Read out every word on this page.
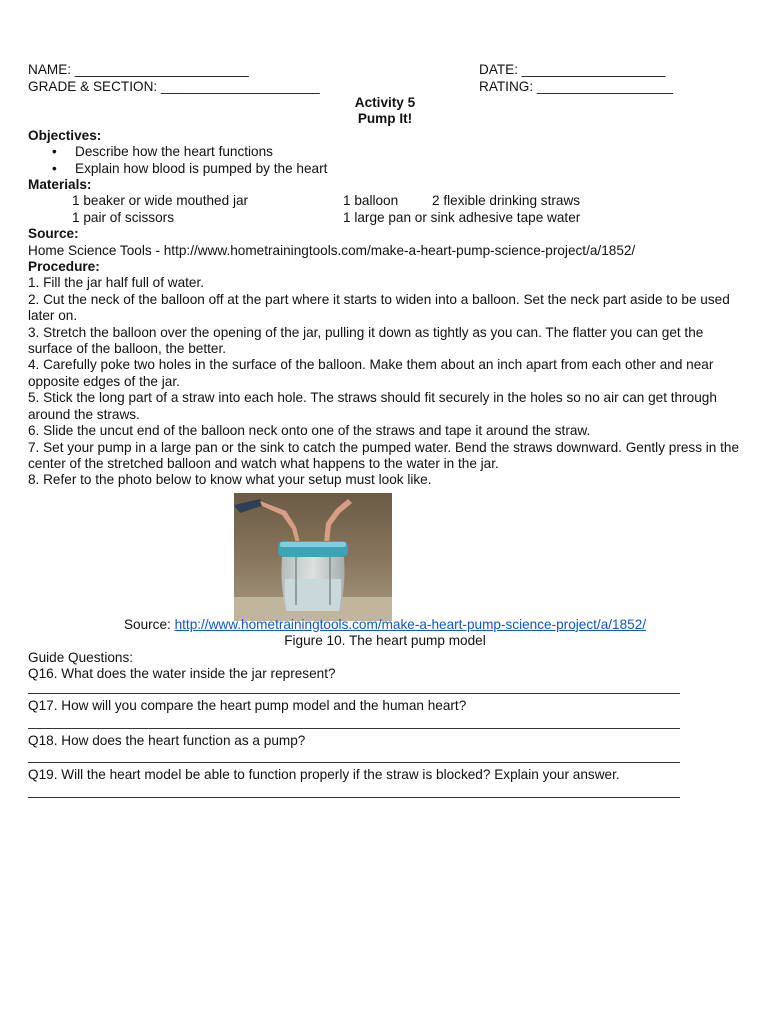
NAME: _______________________	DATE: ___________________
GRADE & SECTION: _____________________	RATING: __________________
Activity 5
Pump It!
Objectives:
• Describe how the heart functions
• Explain how blood is pumped by the heart
Materials:
1 beaker or wide mouthed jar	1 balloon 2 flexible drinking straws
1 pair of scissors	1 large pan or sink adhesive tape water
Source:
Home Science Tools - http://www.hometrainingtools.com/make-a-heart-pump-science-project/a/1852/
Procedure:
1. Fill the jar half full of water.
2. Cut the neck of the balloon off at the part where it starts to widen into a balloon. Set the neck part aside to be used later on.
3. Stretch the balloon over the opening of the jar, pulling it down as tightly as you can. The flatter you can get the surface of the balloon, the better.
4. Carefully poke two holes in the surface of the balloon. Make them about an inch apart from each other and near opposite edges of the jar.
5. Stick the long part of a straw into each hole. The straws should fit securely in the holes so no air can get through around the straws.
6. Slide the uncut end of the balloon neck onto one of the straws and tape it around the straw.
7. Set your pump in a large pan or the sink to catch the pumped water. Bend the straws downward. Gently press in the center of the stretched balloon and watch what happens to the water in the jar.
8. Refer to the photo below to know what your setup must look like.
Source: http://www.hometrainingtools.com/make-a-heart-pump-science-project/a/1852/
Figure 10. The heart pump model
Guide Questions:
Q16. What does the water inside the jar represent?
Q17. How will you compare the heart pump model and the human heart?
Q18. How does the heart function as a pump?
Q19. Will the heart model be able to function properly if the straw is blocked? Explain your answer.
